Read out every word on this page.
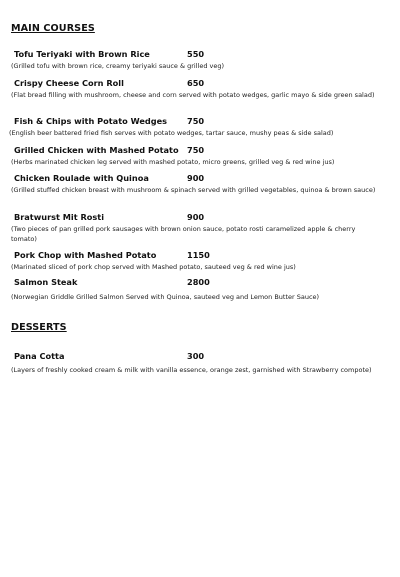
MAIN COURSES
Tofu Teriyaki with Brown Rice	550
(Grilled tofu with brown rice, creamy teriyaki sauce & grilled veg)
Crispy Cheese Corn Roll	650
(Flat bread filling with mushroom, cheese and corn served with potato wedges, garlic mayo & side green salad)
Fish & Chips with Potato Wedges 750
(English beer battered fried fish serves with potato wedges, tartar sauce, mushy peas & side salad)
Grilled Chicken with Mashed Potato 750
(Herbs marinated chicken leg served with mashed potato, micro greens, grilled veg & red wine jus)
Chicken Roulade with Quinoa	900
(Grilled stuffed chicken breast with mushroom & spinach served with grilled vegetables, quinoa & brown sauce)
Bratwurst Mit Rosti	900
(Two pieces of pan grilled pork sausages with brown onion sauce, potato rosti caramelized apple & cherry tomato)
Pork Chop with Mashed Potato	1150
(Marinated sliced of pork chop served with Mashed potato, sauteed veg & red wine jus)
Salmon Steak	2800
(Norwegian Griddle Grilled Salmon Served with Quinoa, sauteed veg and Lemon Butter Sauce)
DESSERTS
Pana Cotta	300
(Layers of freshly cooked cream & milk with vanilla essence, orange zest, garnished with Strawberry compote)
